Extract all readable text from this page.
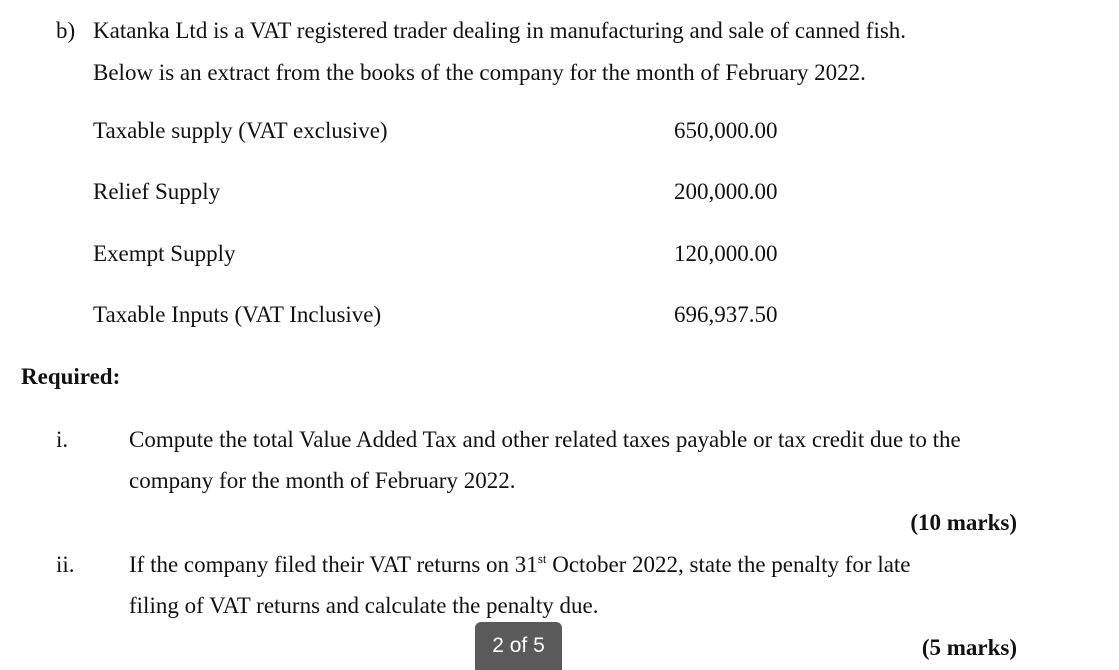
b) Katanka Ltd is a VAT registered trader dealing in manufacturing and sale of canned fish.
Below is an extract from the books of the company for the month of February 2022.
Taxable supply (VAT exclusive)	650,000.00
Relief Supply	200,000.00
Exempt Supply	120,000.00
Taxable Inputs (VAT Inclusive)	696,937.50
Required:
i.	Compute the total Value Added Tax and other related taxes payable or tax credit due to the
company for the month of February 2022.
(10 marks)
ii. If the company filed their VAT returns on 31st October 2022, state the penalty for late
filing of VAT returns and calculate the penalty due.
(5 marks)
2 of 5
